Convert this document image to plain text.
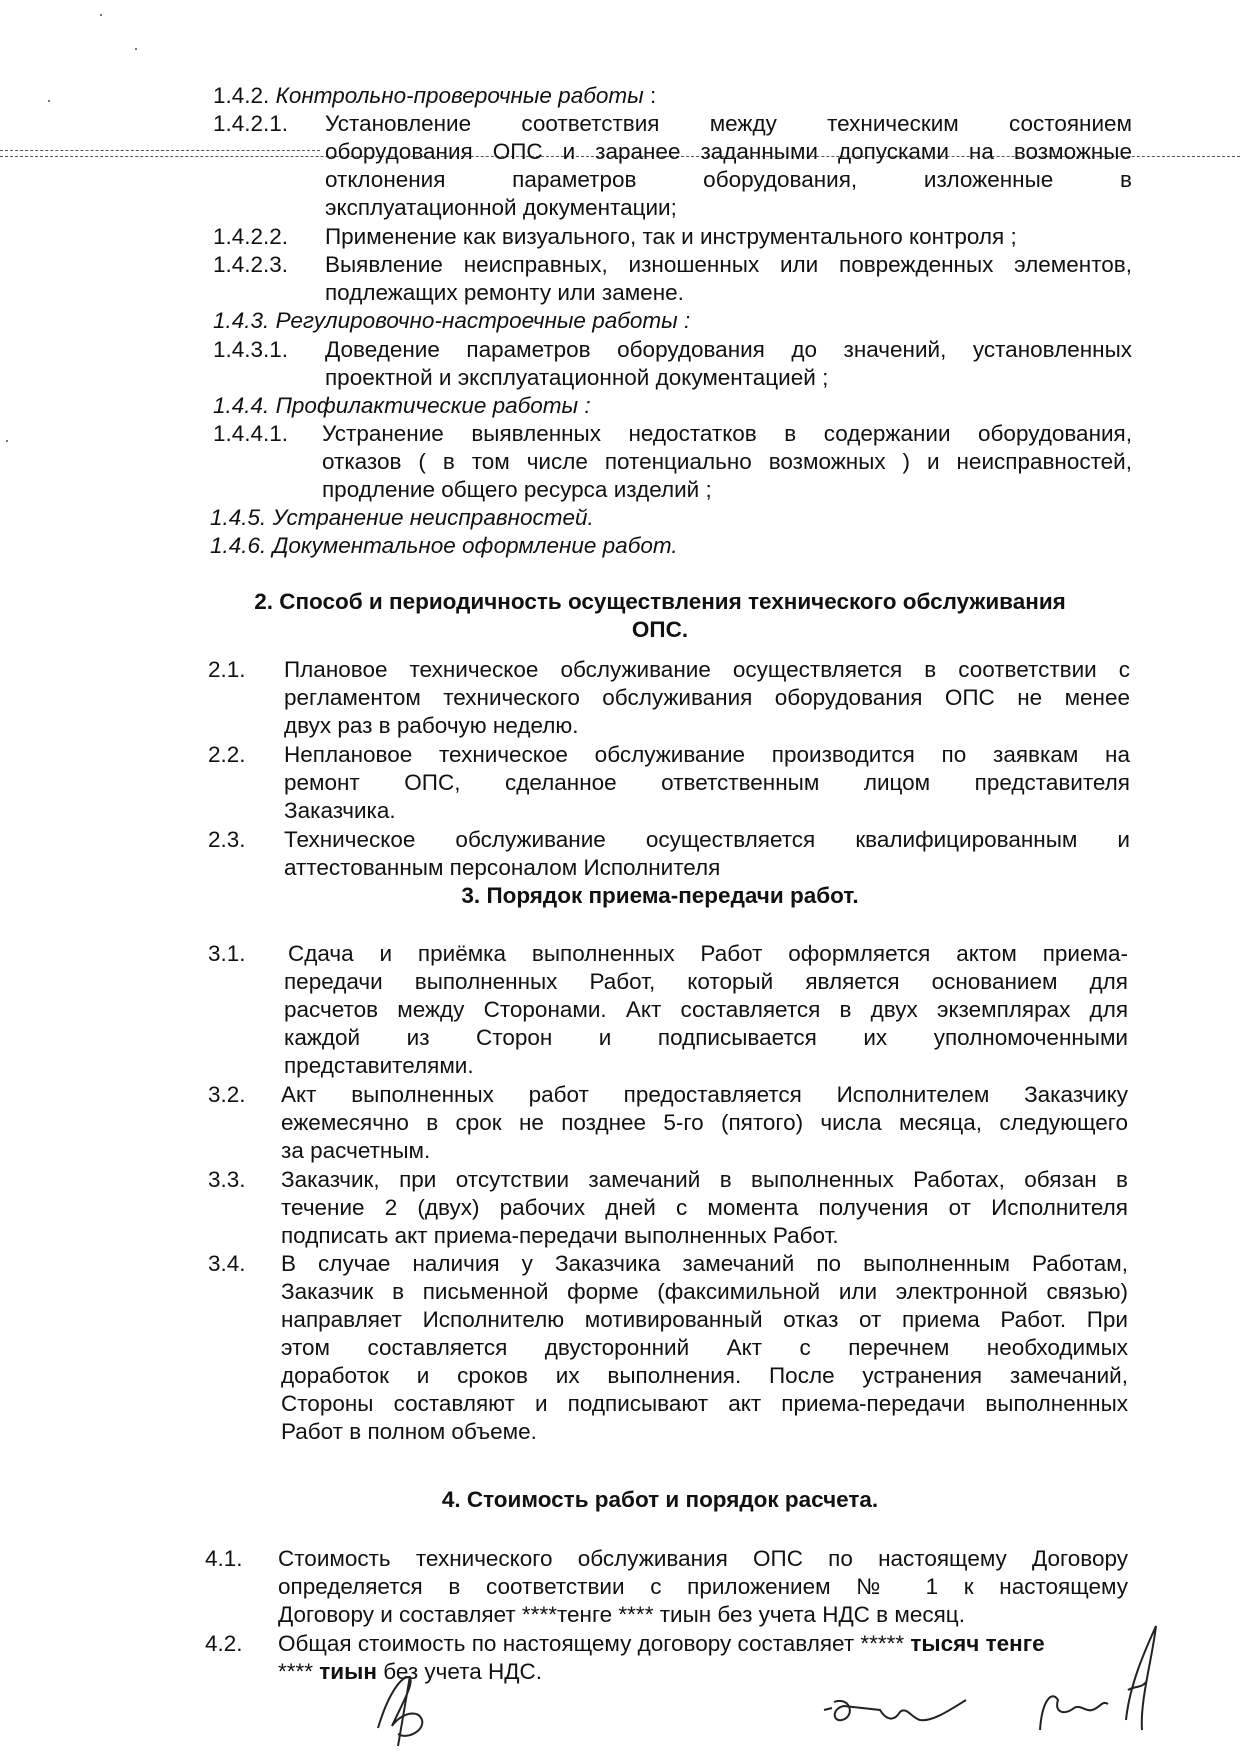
1.4.2. Контрольно-проверочные работы :
1.4.2.1. Установление соответствия между техническим состоянием
оборудования ОПС и заранее заданными допусками на возможные
отклонения параметров оборудования, изложенные в
эксплуатационной документации;
1.4.2.2. Применение как визуального, так и инструментального контроля ;
1.4.2.3. Выявление неисправных, изношенных или поврежденных элементов,
подлежащих ремонту или замене.
1.4.3. Регулировочно-настроечные работы :
1.4.3.1. Доведение параметров оборудования до значений, установленных
проектной и эксплуатационной документацией ;
1.4.4. Профилактические работы :
1.4.4.1. Устранение выявленных недостатков в содержании оборудования,
отказов ( в том числе потенциально возможных ) и неисправностей,
продление общего ресурса изделий ;
1.4.5. Устранение неисправностей.
1.4.6. Документальное оформление работ.
2. Способ и периодичность осуществления технического обслуживания
ОПС.
2.1. Плановое техническое обслуживание осуществляется в соответствии с
регламентом технического обслуживания оборудования ОПС не менее
двух раз в рабочую неделю.
2.2. Неплановое техническое обслуживание производится по заявкам на
ремонт ОПС, сделанное ответственным лицом представителя
Заказчика.
2.3. Техническое обслуживание осуществляется квалифицированным и
аттестованным персоналом Исполнителя
3. Порядок приема-передачи работ.
3.1. Сдача и приёмка выполненных Работ оформляется актом приема-
передачи выполненных Работ, который является основанием для
расчетов между Сторонами. Акт составляется в двух экземплярах для
каждой из Сторон и подписывается их уполномоченными
представителями.
3.2. Акт выполненных работ предоставляется Исполнителем Заказчику
ежемесячно в срок не позднее 5-го (пятого) числа месяца, следующего
за расчетным.
3.3. Заказчик, при отсутствии замечаний в выполненных Работах, обязан в
течение 2 (двух) рабочих дней с момента получения от Исполнителя
подписать акт приема-передачи выполненных Работ.
3.4. В случае наличия у Заказчика замечаний по выполненным Работам,
Заказчик в письменной форме (факсимильной или электронной связью)
направляет Исполнителю мотивированный отказ от приема Работ. При
этом составляется двусторонний Акт с перечнем необходимых
доработок и сроков их выполнения. После устранения замечаний,
Стороны составляют и подписывают акт приема-передачи выполненных
Работ в полном объеме.
4. Стоимость работ и порядок расчета.
4.1. Стоимость технического обслуживания ОПС по настоящему Договору
определяется в соответствии с приложением № 1 к настоящему
Договору и составляет ****тенге **** тиын без учета НДС в месяц.
4.2. Общая стоимость по настоящему договору составляет ***** тысяч тенге
**** тиын без учета НДС.
